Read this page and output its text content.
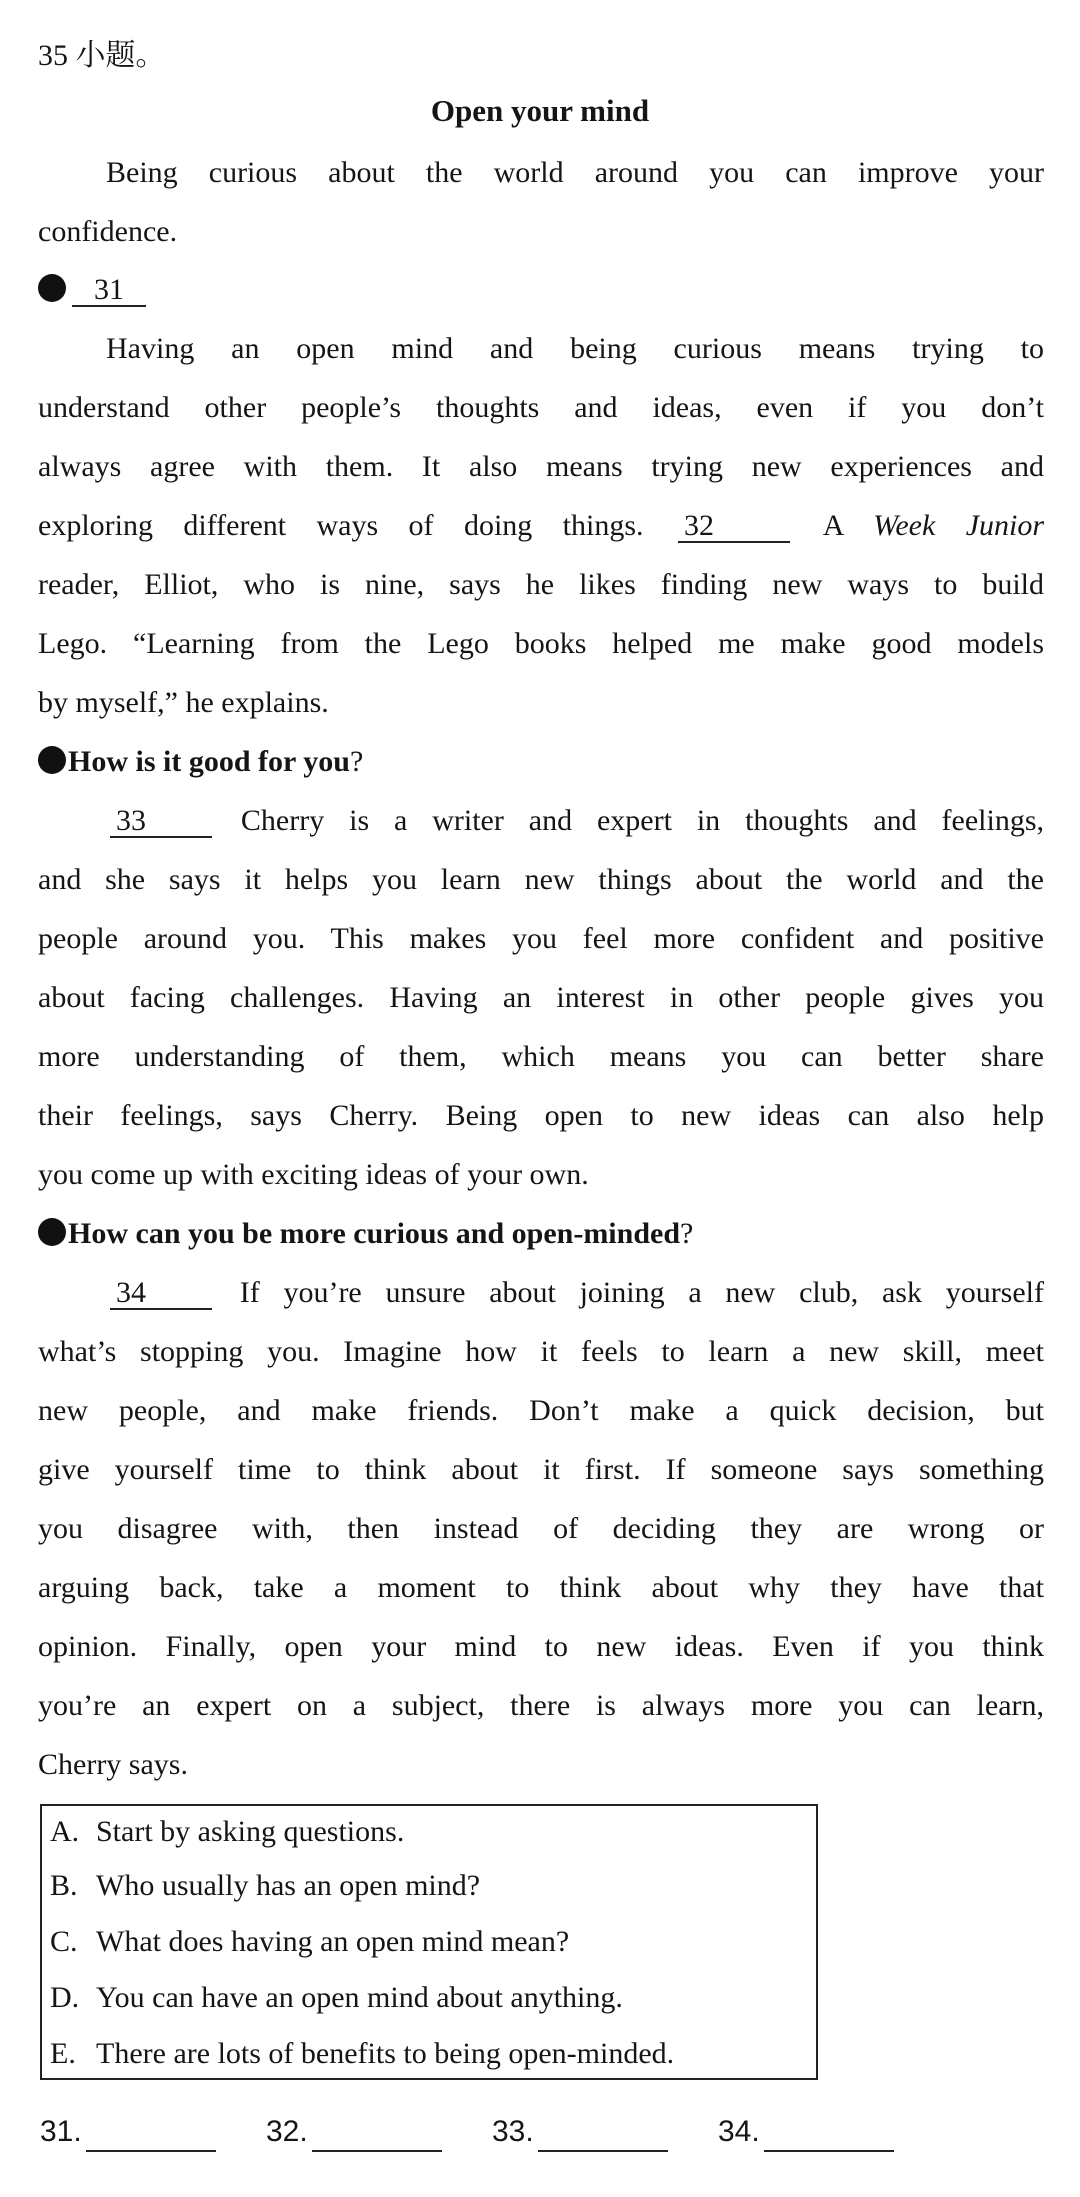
35 小题。
Open your mind
Being curious about the world around you can improve your
confidence.
31
Having an open mind and being curious means trying to
understand other people’s thoughts and ideas, even if you don’t
always agree with them. It also means trying new experiences and
exploring different ways of doing things. 32	A Week Junior
reader, Elliot, who is nine, says he likes finding new ways to build
Lego. “Learning from the Lego books helped me make good models
by myself,” he explains.
How is it good for you?
33	Cherry is a writer and expert in thoughts and feelings,
and she says it helps you learn new things about the world and the
people around you. This makes you feel more confident and positive
about facing challenges. Having an interest in other people gives you
more understanding of them, which means you can better share
their feelings, says Cherry. Being open to new ideas can also help
you come up with exciting ideas of your own.
How can you be more curious and open-minded?
34	If you’re unsure about joining a new club, ask yourself
what’s stopping you. Imagine how it feels to learn a new skill, meet
new people, and make friends. Don’t make a quick decision, but
give yourself time to think about it first. If someone says something
you disagree with, then instead of deciding they are wrong or
arguing back, take a moment to think about why they have that
opinion. Finally, open your mind to new ideas. Even if you think
you’re an expert on a subject, there is always more you can learn,
Cherry says.
A. Start by asking questions.
B. Who usually has an open mind?
C. What does having an open mind mean?
D. You can have an open mind about anything.
E. There are lots of benefits to being open-minded.
31.	32.	33.	34.
